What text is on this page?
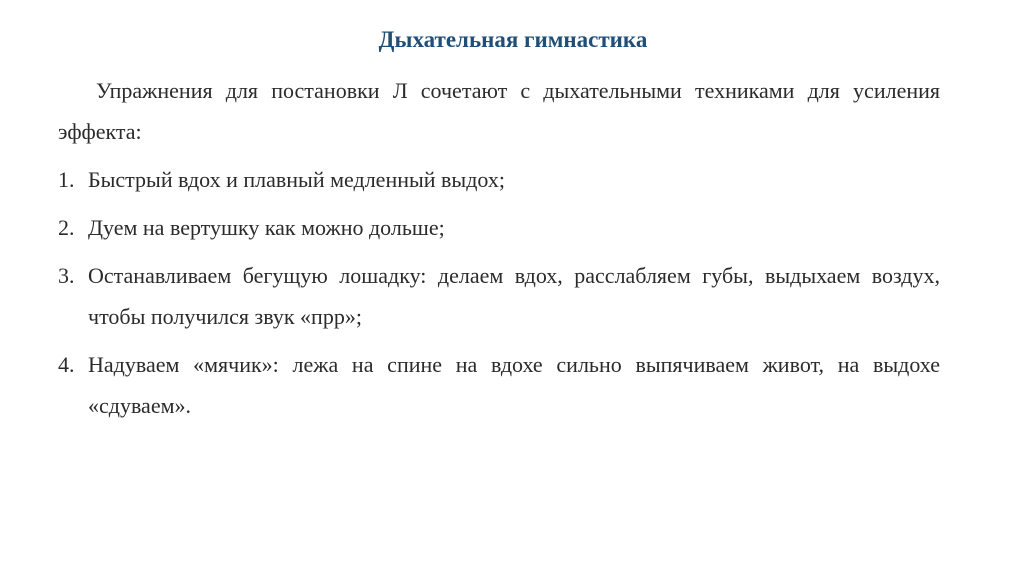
Дыхательная гимнастика

Упражнения для постановки Л сочетают с дыхательными техниками для усиления эффекта:

1. Быстрый вдох и плавный медленный выдох;
2. Дуем на вертушку как можно дольше;
3. Останавливаем бегущую лошадку: делаем вдох, расслабляем губы, выдыхаем воздух, чтобы получился звук «прр»;
4. Надуваем «мячик»: лежа на спине на вдохе сильно выпячиваем живот, на выдохе «сдуваем».
